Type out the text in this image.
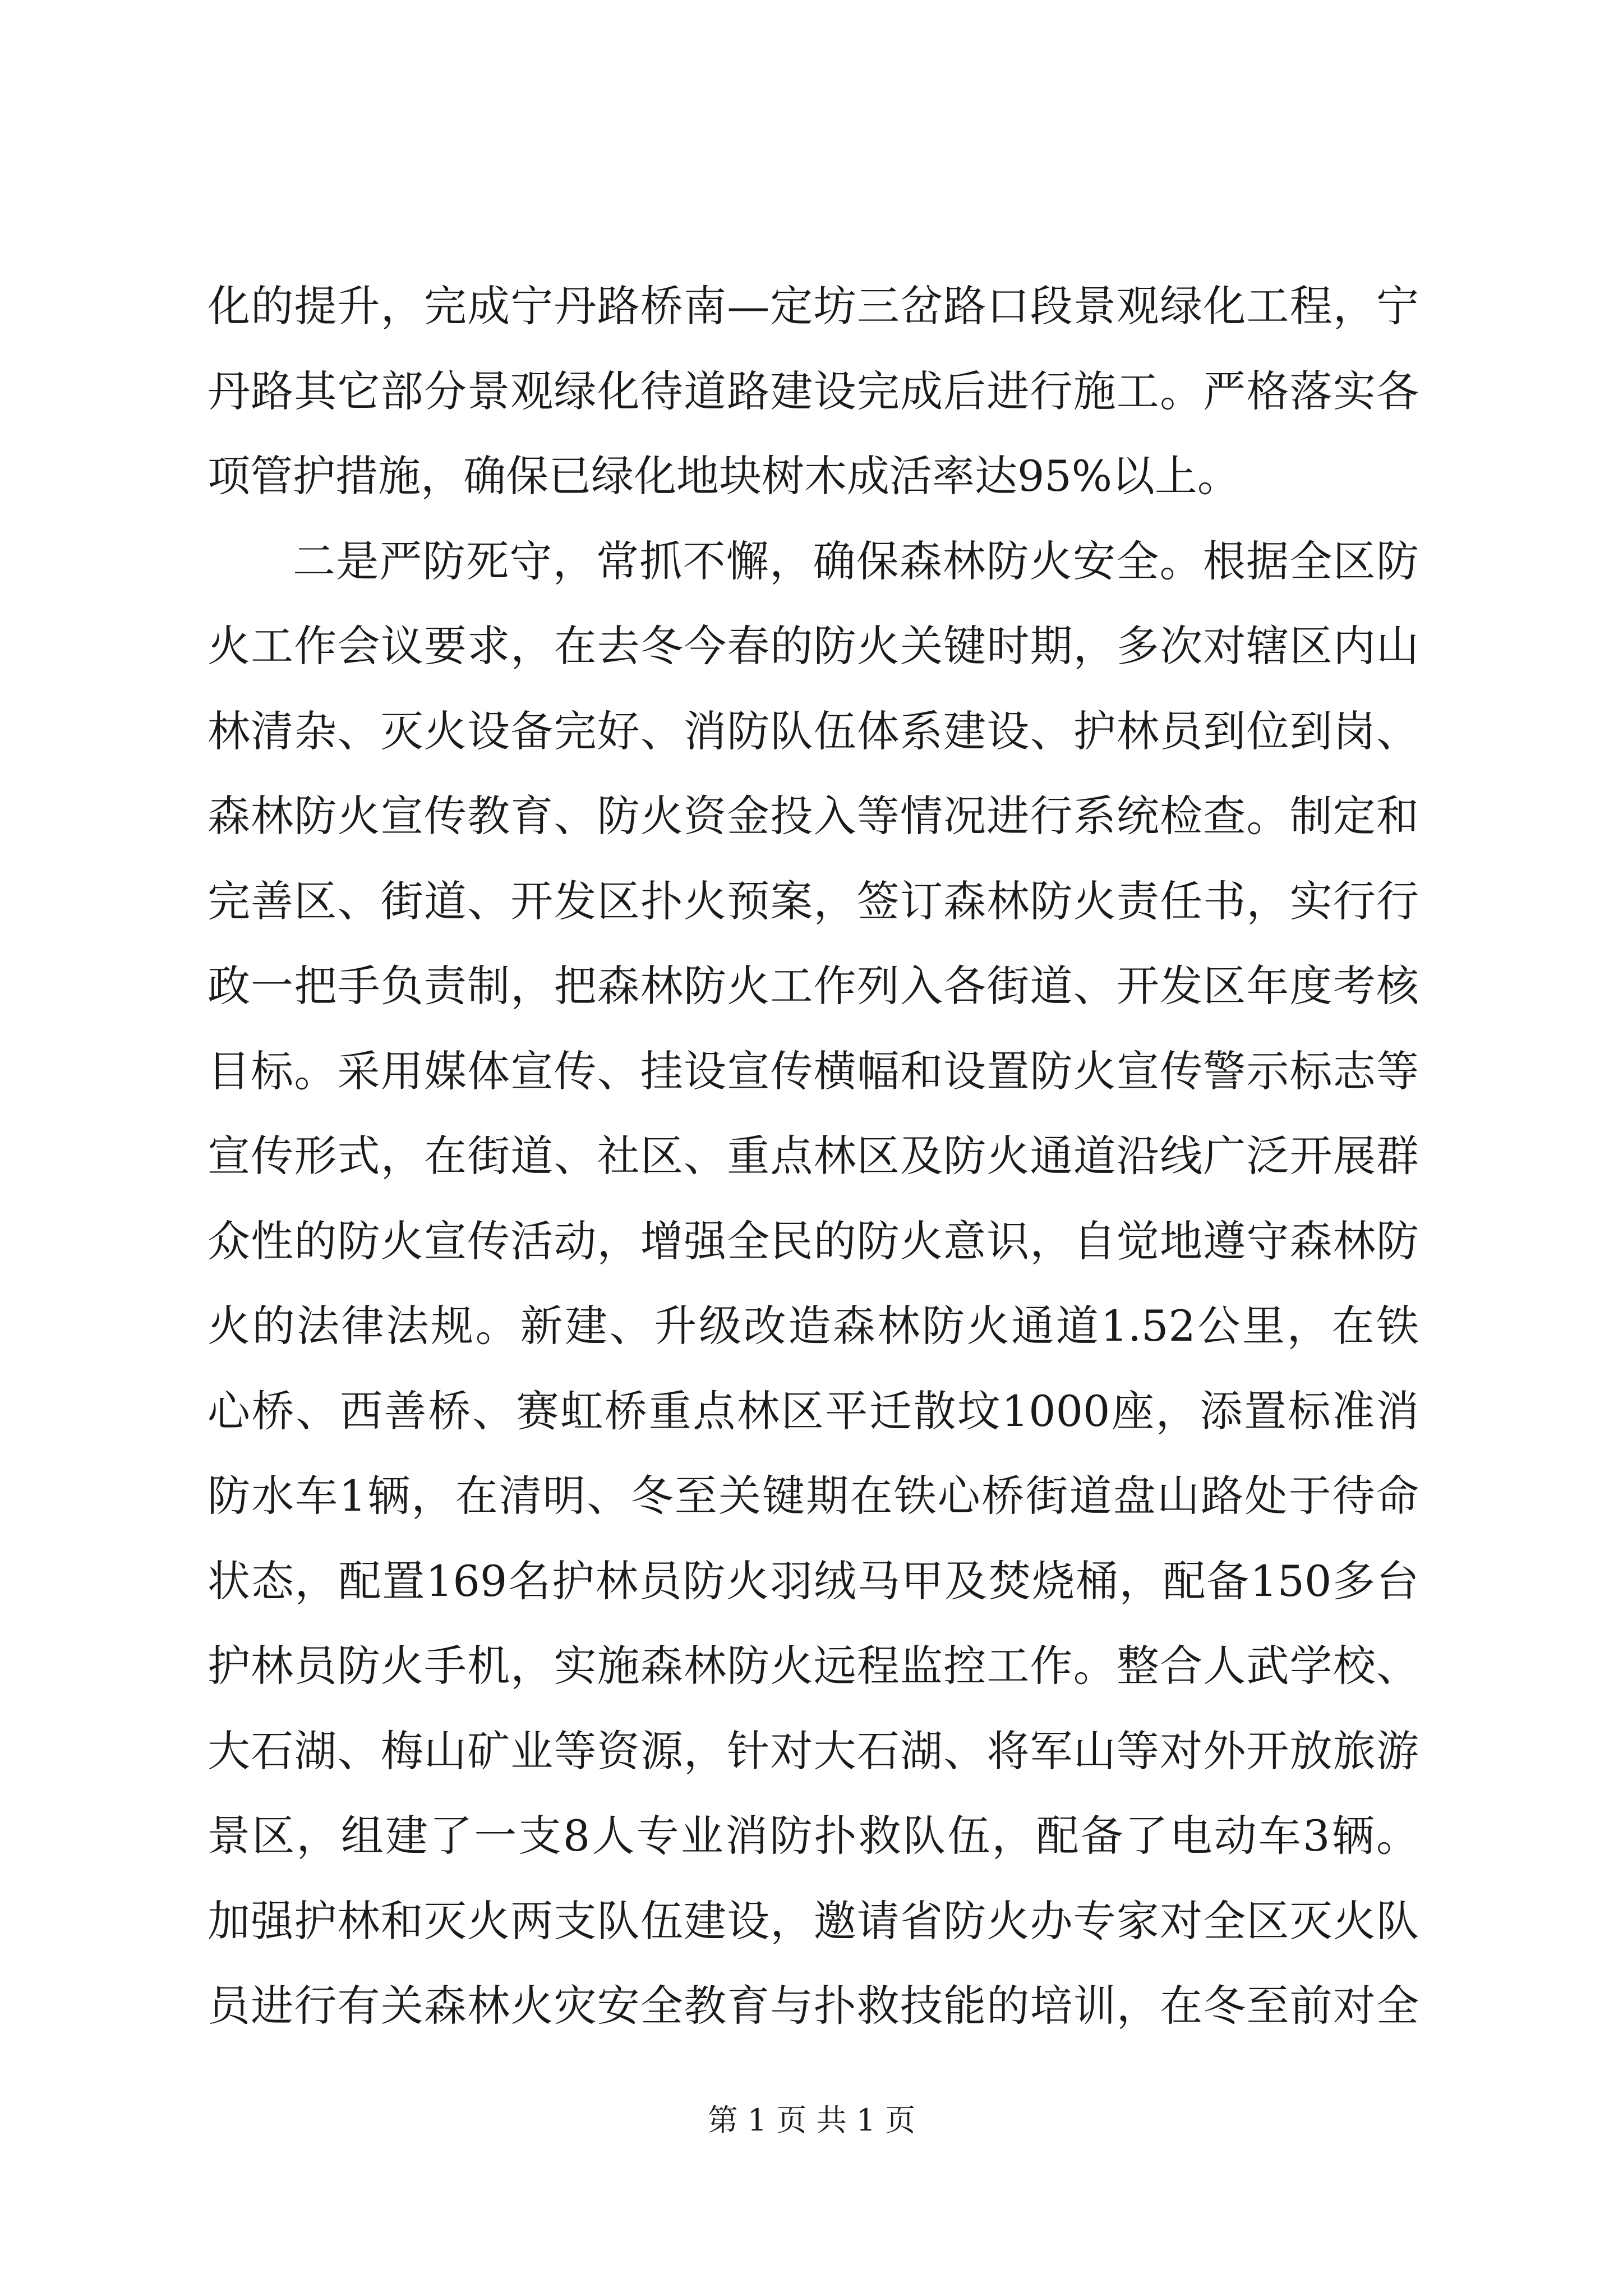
化的提升，完成宁丹路桥南—定坊三岔路口段景观绿化工程，宁
丹路其它部分景观绿化待道路建设完成后进行施工。严格落实各
项管护措施，确保已绿化地块树木成活率达95%以上。
二是严防死守，常抓不懈，确保森林防火安全。根据全区防
火工作会议要求，在去冬今春的防火关键时期，多次对辖区内山
林清杂、灭火设备完好、消防队伍体系建设、护林员到位到岗、
森林防火宣传教育、防火资金投入等情况进行系统检查。制定和
完善区、街道、开发区扑火预案，签订森林防火责任书，实行行
政一把手负责制，把森林防火工作列入各街道、开发区年度考核
目标。采用媒体宣传、挂设宣传横幅和设置防火宣传警示标志等
宣传形式，在街道、社区、重点林区及防火通道沿线广泛开展群
众性的防火宣传活动，增强全民的防火意识，自觉地遵守森林防
火的法律法规。新建、升级改造森林防火通道1.52公里，在铁
心桥、西善桥、赛虹桥重点林区平迁散坟1000座，添置标准消
防水车1辆，在清明、冬至关键期在铁心桥街道盘山路处于待命
状态，配置169名护林员防火羽绒马甲及焚烧桶，配备150多台
护林员防火手机，实施森林防火远程监控工作。整合人武学校、
大石湖、梅山矿业等资源，针对大石湖、将军山等对外开放旅游
景区，组建了一支8人专业消防扑救队伍，配备了电动车3辆。
加强护林和灭火两支队伍建设，邀请省防火办专家对全区灭火队
员进行有关森林火灾安全教育与扑救技能的培训，在冬至前对全
第 1 页 共 1 页
